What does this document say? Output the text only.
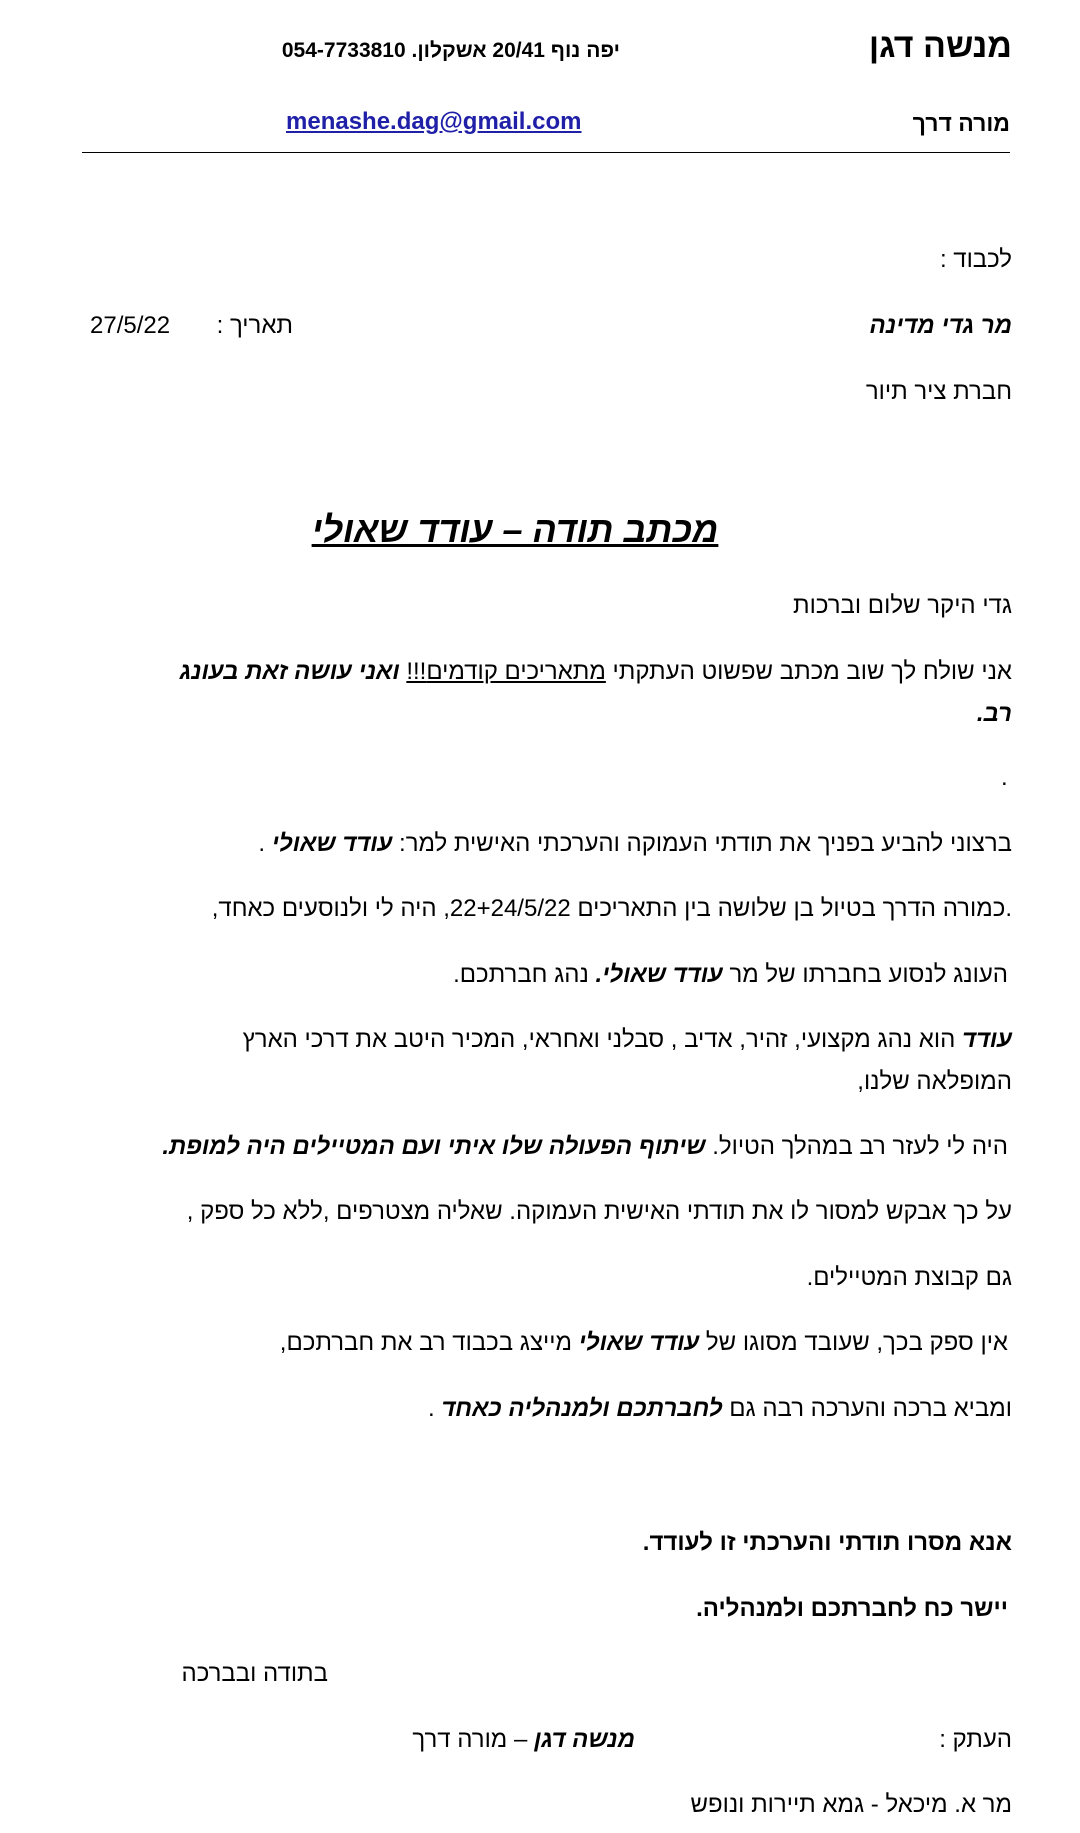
מנשה דגן
יפה נוף 20/41 אשקלון. 054-7733810
מורה דרך
menashe.dag@gmail.com
לכבוד :
מר גדי מדינה
27/5/22 תאריך :
חברת ציר תיור
מכתב תודה – עודד שאולי
גדי היקר שלום וברכות
אני שולח לך שוב מכתב שפשוט העתקתי מתאריכים קודמים!!! ואני עושה זאת בעונג
רב.
.
ברצוני להביע בפניך את תודתי העמוקה והערכתי האישית למר: עודד שאולי .
.כמורה הדרך בטיול בן שלושה בין התאריכים 22+24/5/22, היה לי ולנוסעים כאחד,
העונג לנסוע בחברתו של מר עודד שאולי. נהג חברתכם.
עודד הוא נהג מקצועי, זהיר, אדיב , סבלני ואחראי, המכיר היטב את דרכי הארץ
המופלאה שלנו,
היה לי לעזר רב במהלך הטיול. שיתוף הפעולה שלו איתי ועם המטיילים היה למופת.
על כך אבקש למסור לו את תודתי האישית העמוקה. שאליה מצטרפים ,ללא כל ספק ,
גם קבוצת המטיילים.
אין ספק בכך, שעובד מסוגו של עודד שאולי מייצג בכבוד רב את חברתכם,
ומביא ברכה והערכה רבה גם לחברתכם ולמנהליה כאחד .
אנא מסרו תודתי והערכתי זו לעודד.
יישר כח לחברתכם ולמנהליה.
בתודה ובברכה
העתק :
מנשה דגן – מורה דרך
מר א. מיכאל - גמא תיירות ונופש
